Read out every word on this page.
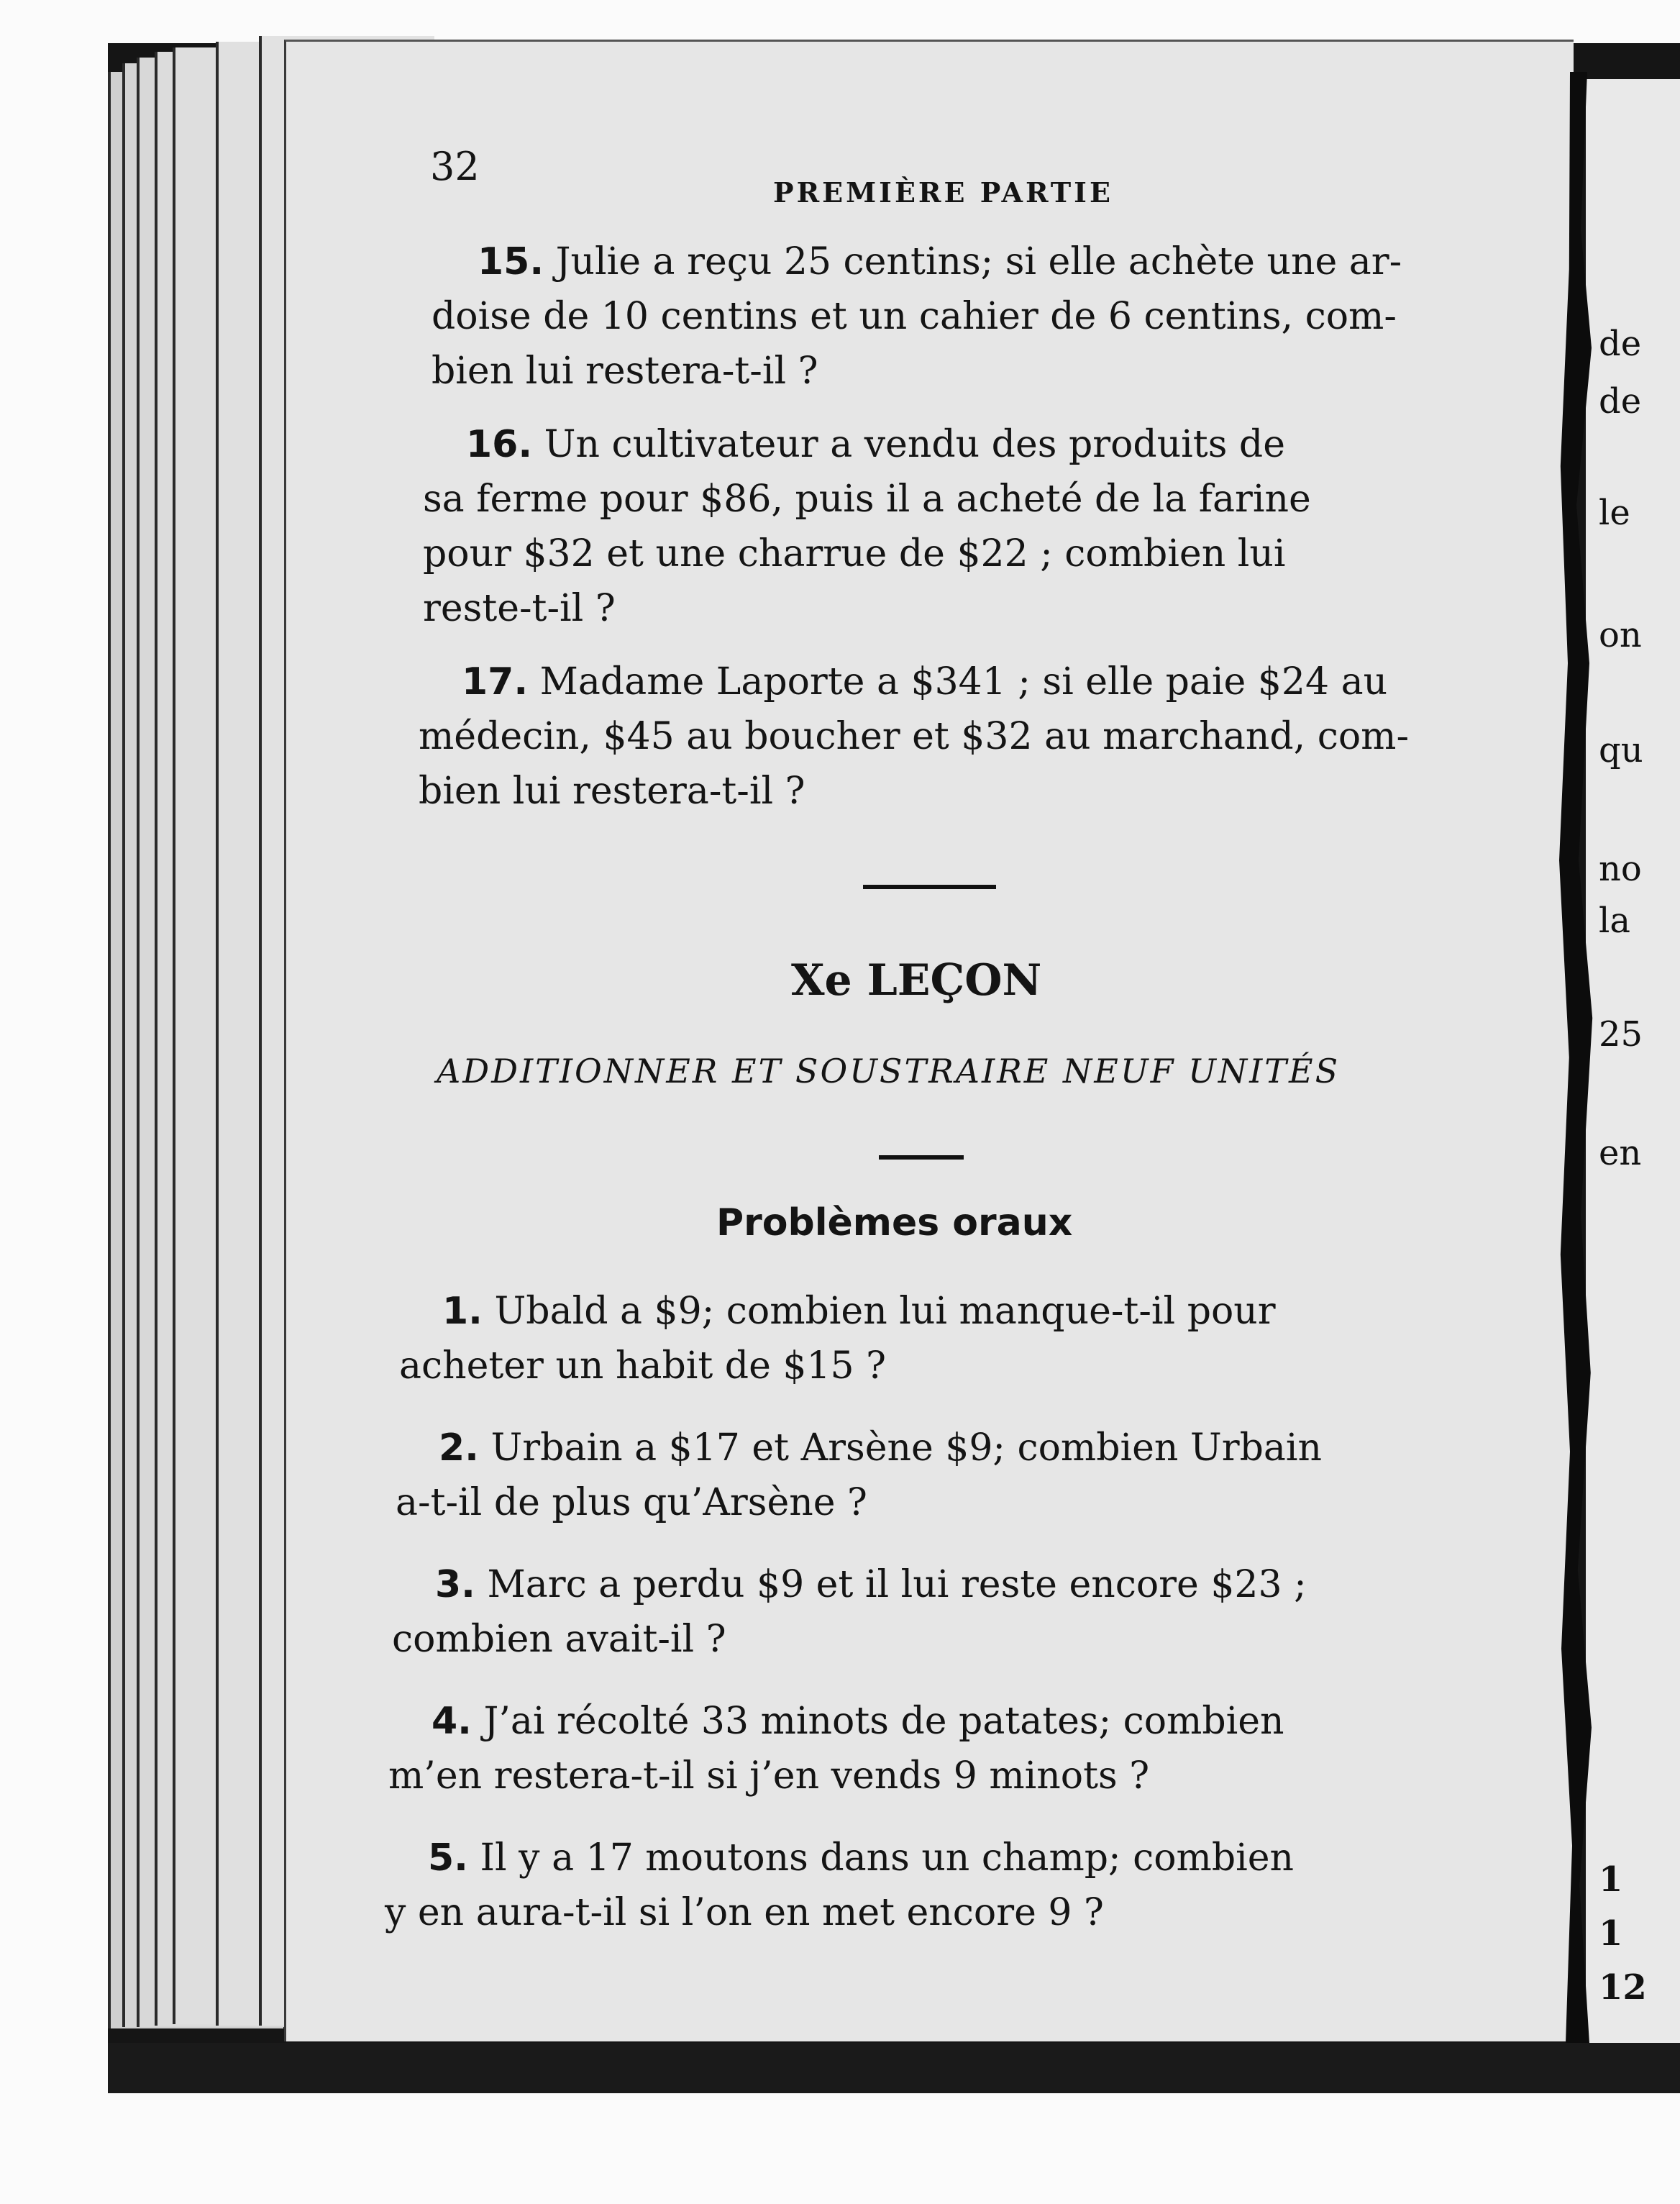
de
de
le
on
qu
no
la
25
en
1
1
12
32
PREMIÈRE PARTIE
15. Julie a reçu 25 centins; si elle achète une ar-
doise de 10 centins et un cahier de 6 centins, com-
bien lui restera-t-il ?
16. Un cultivateur a vendu des produits de
sa ferme pour $86, puis il a acheté de la farine
pour $32 et une charrue de $22 ; combien lui
reste-t-il ?
17. Madame Laporte a $341 ; si elle paie $24 au
médecin, $45 au boucher et $32 au marchand, com-
bien lui restera-t-il ?
Xe LEÇON
ADDITIONNER ET SOUSTRAIRE NEUF UNITÉS
Problèmes oraux
1. Ubald a $9; combien lui manque-t-il pour
acheter un habit de $15 ?
2. Urbain a $17 et Arsène $9; combien Urbain
a-t-il de plus qu’Arsène ?
3. Marc a perdu $9 et il lui reste encore $23 ;
combien avait-il ?
4. J’ai récolté 33 minots de patates; combien
m’en restera-t-il si j’en vends 9 minots ?
5. Il y a 17 moutons dans un champ; combien
y en aura-t-il si l’on en met encore 9 ?
